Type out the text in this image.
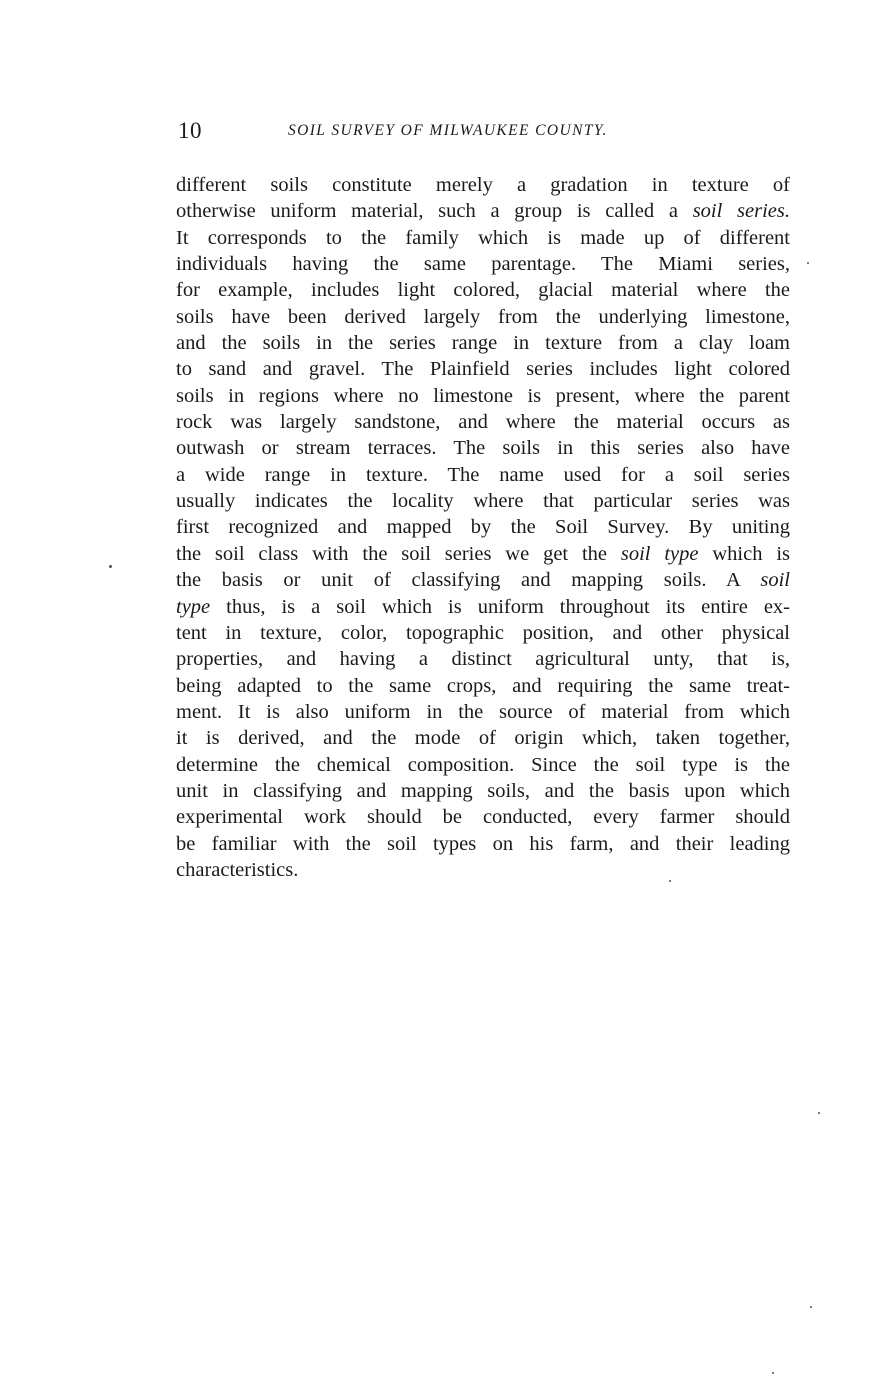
10	SOIL SURVEY OF MILWAUKEE COUNTY.
different soils constitute merely a gradation in texture of
otherwise uniform material, such a group is called a soil series.
It corresponds to the family which is made up of different
individuals having the same parentage. The Miami series,
for example, includes light colored, glacial material where the
soils have been derived largely from the underlying limestone,
and the soils in the series range in texture from a clay loam
to sand and gravel. The Plainfield series includes light colored
soils in regions where no limestone is present, where the parent
rock was largely sandstone, and where the material occurs as
outwash or stream terraces. The soils in this series also have
a wide range in texture. The name used for a soil series
usually indicates the locality where that particular series was
first recognized and mapped by the Soil Survey. By uniting
the soil class with the soil series we get the soil type which is
the basis or unit of classifying and mapping soils. A soil
type thus, is a soil which is uniform throughout its entire ex-
tent in texture, color, topographic position, and other physical
properties, and having a distinct agricultural unty, that is,
being adapted to the same crops, and requiring the same treat-
ment. It is also uniform in the source of material from which
it is derived, and the mode of origin which, taken together,
determine the chemical composition. Since the soil type is the
unit in classifying and mapping soils, and the basis upon which
experimental work should be conducted, every farmer should
be familiar with the soil types on his farm, and their leading
characteristics.
